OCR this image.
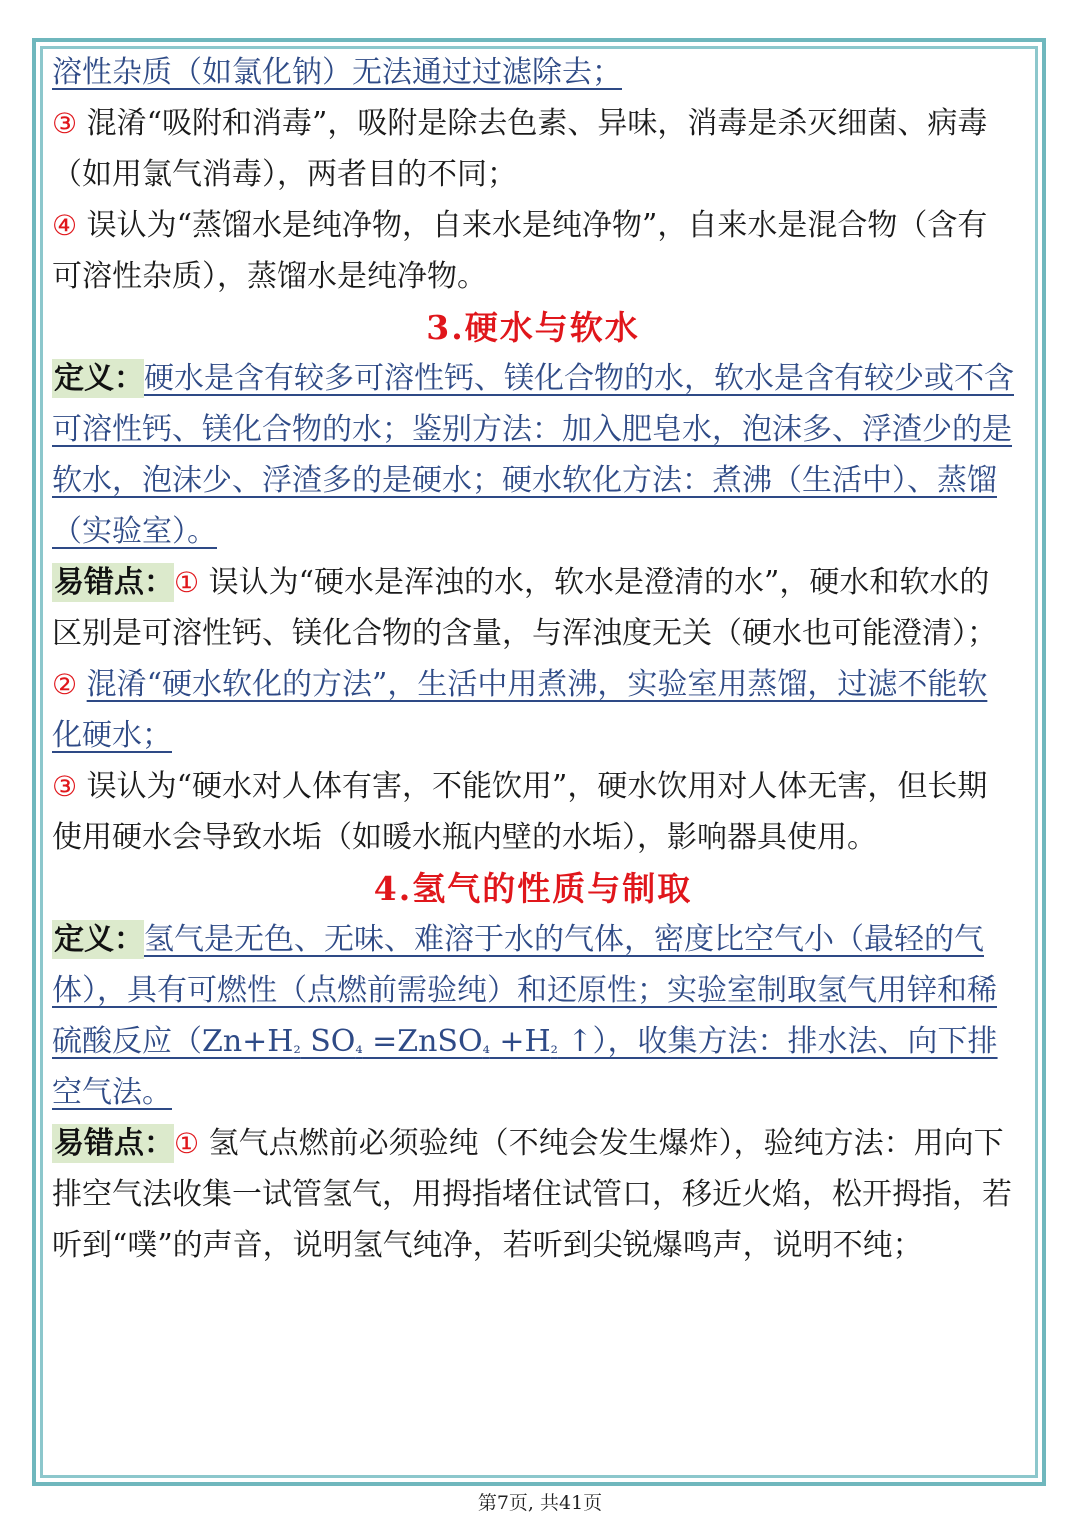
溶性杂质（如氯化钠）无法通过过滤除去；

③ 混淆“吸附和消毒”，吸附是除去色素、异味，消毒是杀灭细菌、病毒（如用氯气消毒），两者目的不同；

④ 误认为“蒸馏水是纯净物，自来水是纯净物”，自来水是混合物（含有可溶性杂质），蒸馏水是纯净物。

3.硬水与软水

定义：硬水是含有较多可溶性钙、镁化合物的水，软水是含有较少或不含可溶性钙、镁化合物的水；鉴别方法：加入肥皂水，泡沫多、浮渣少的是软水，泡沫少、浮渣多的是硬水；硬水软化方法：煮沸（生活中）、蒸馏（实验室）。

易错点：① 误认为“硬水是浑浊的水，软水是澄清的水”，硬水和软水的区别是可溶性钙、镁化合物的含量，与浑浊度无关（硬水也可能澄清）；

② 混淆“硬水软化的方法”，生活中用煮沸，实验室用蒸馏，过滤不能软化硬水；

③ 误认为“硬水对人体有害，不能饮用”，硬水饮用对人体无害，但长期使用硬水会导致水垢（如暖水瓶内壁的水垢），影响器具使用。

4.氢气的性质与制取

定义：氢气是无色、无味、难溶于水的气体，密度比空气小（最轻的气体），具有可燃性（点燃前需验纯）和还原性；实验室制取氢气用锌和稀硫酸反应（$Zn+H_{_2}$ $SO_{_4}$ =ZnSO$_{_4}$ $+H_{_2}$ ↑），收集方法：排水法、向下排空气法。

易错点：① 氢气点燃前必须验纯（不纯会发生爆炸），验纯方法：用向下排空气法收集一试管氢气，用拇指堵住试管口，移近火焰，松开拇指，若听到“噗”的声音，说明氢气纯净，若听到尖锐爆鸣声，说明不纯；

第7页, 共41页
